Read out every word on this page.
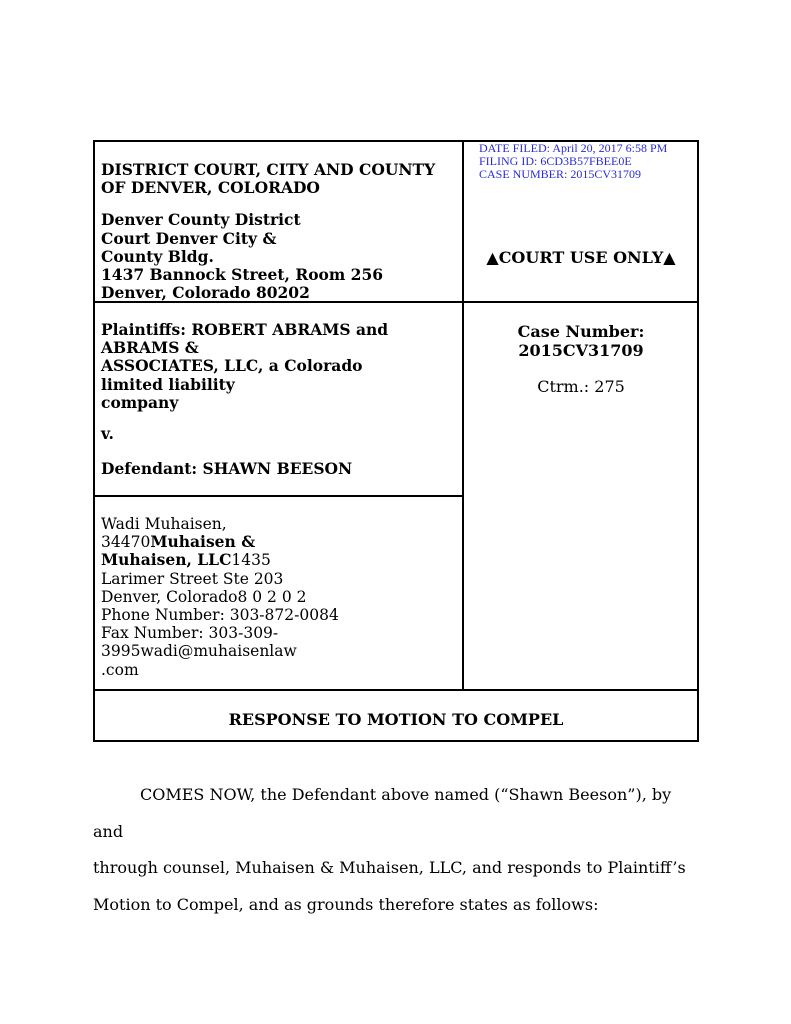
DATE FILED: April 20, 2017 6:58 PM
FILING ID: 6CD3B57FBEE0E
CASE NUMBER: 2015CV31709
DISTRICT COURT, CITY AND COUNTY
OF DENVER, COLORADO
Denver County District
Court Denver City &
County Bldg.
1437 Bannock Street, Room 256
Denver, Colorado 80202
▲COURT USE ONLY▲
Plaintiffs: ROBERT ABRAMS and
ABRAMS &
ASSOCIATES, LLC, a Colorado
limited liability
company
v.
Defendant: SHAWN BEESON
Case Number:
2015CV31709
Ctrm.: 275
Wadi Muhaisen,
34470Muhaisen &
Muhaisen, LLC1435
Larimer Street Ste 203
Denver, Colorado8 0 2 0 2
Phone Number: 303-872-0084
Fax Number: 303-309-
3995wadi@muhaisenlaw
.com
RESPONSE TO MOTION TO COMPEL

COMES NOW, the Defendant above named (“Shawn Beeson”), by and

through counsel, Muhaisen & Muhaisen, LLC, and responds to Plaintiff’s

Motion to Compel, and as grounds therefore states as follows:
